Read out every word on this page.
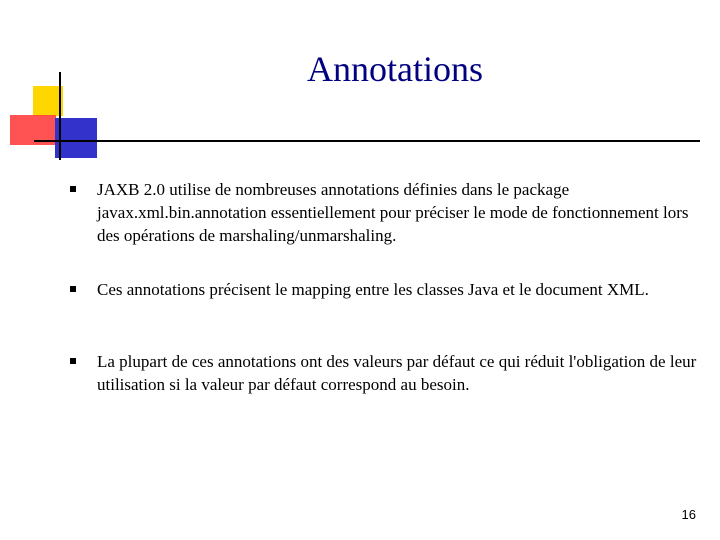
Annotations
JAXB 2.0 utilise de nombreuses annotations définies dans le package javax.xml.bin.annotation essentiellement pour préciser le mode de fonctionnement lors des opérations de marshaling/unmarshaling.
Ces annotations précisent le mapping entre les classes Java et le document XML.
La plupart de ces annotations ont des valeurs par défaut ce qui réduit l'obligation de leur utilisation si la valeur par défaut correspond au besoin.
16
